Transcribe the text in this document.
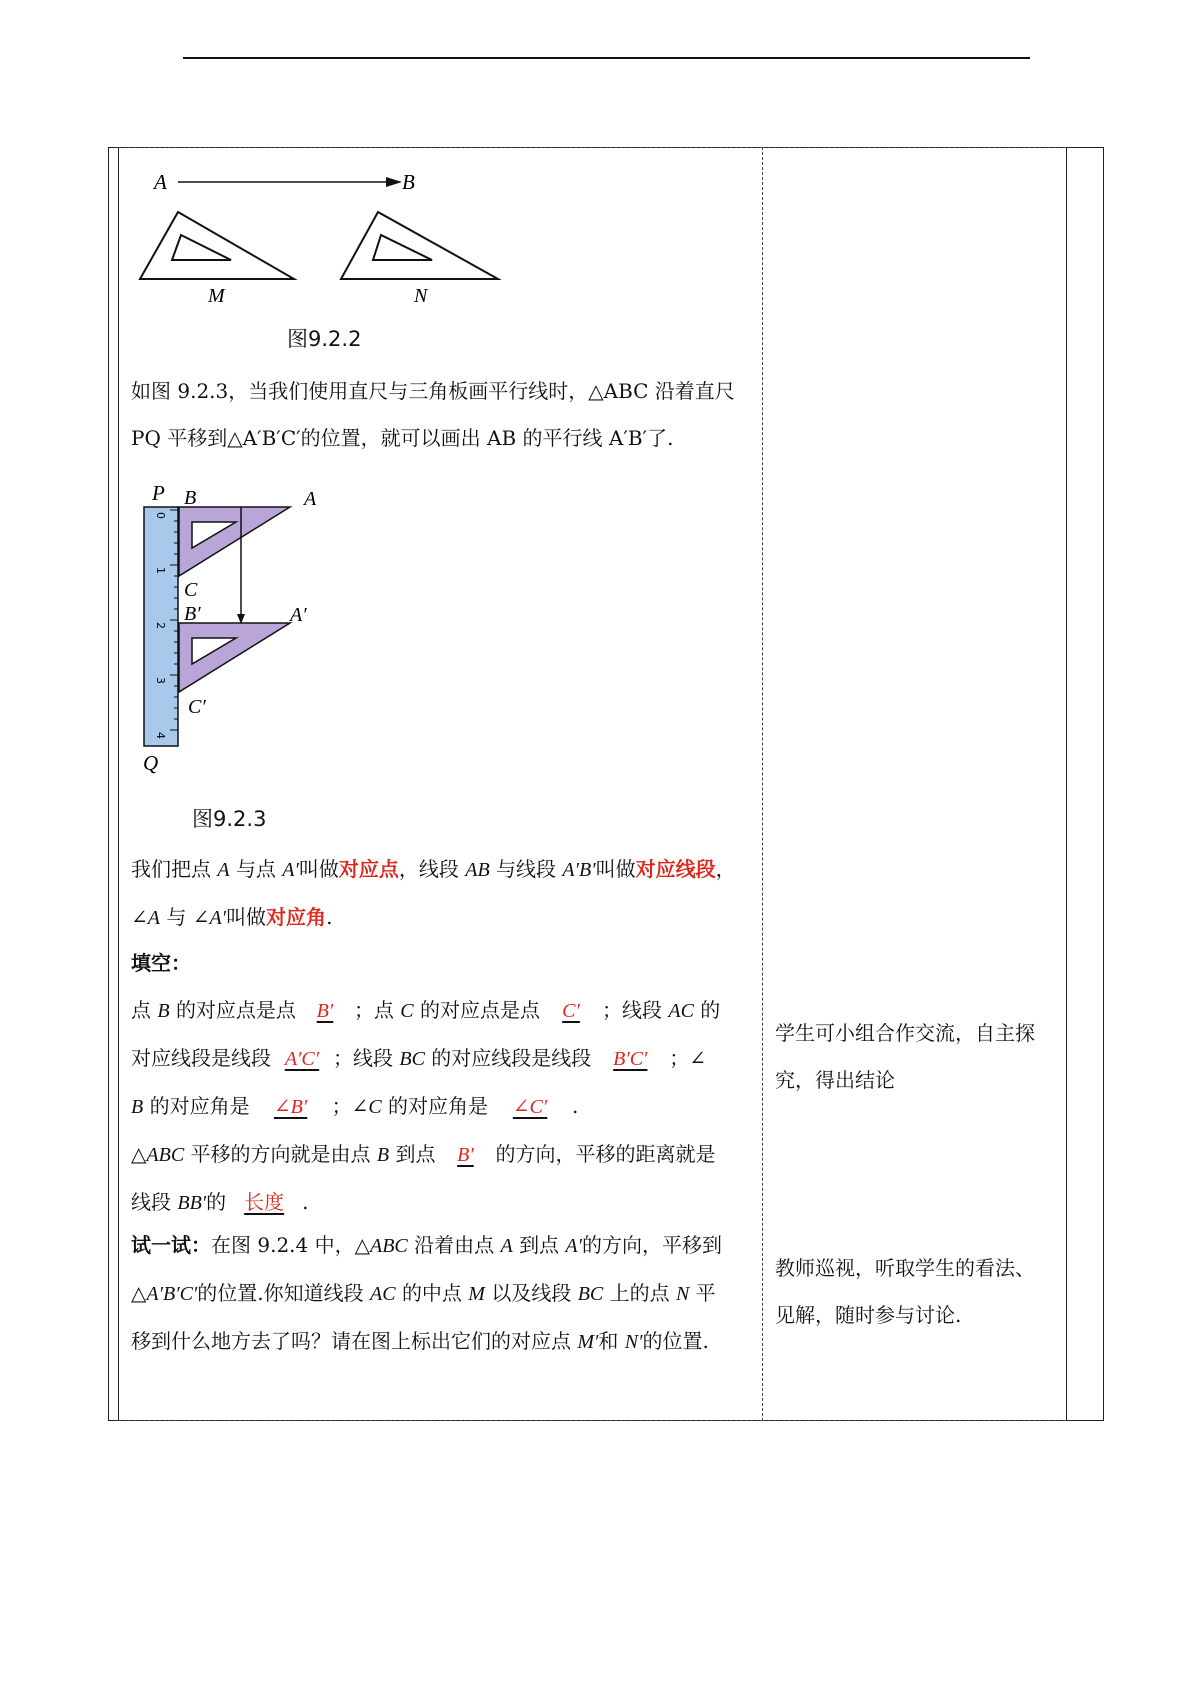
A	B
M	N
图9.2.2
如图 9.2.3，当我们使用直尺与三角板画平行线时，△ABC 沿着直尺
PQ 平移到△A′B′C′的位置，就可以画出 AB 的平行线 A′B′了.
0
1
2
3
4
P
Q
B	A
C
B′	A′
C′
图9.2.3
我们把点 A 与点 A′叫做对应点，线段 AB 与线段 A′B′叫做对应线段，
∠A 与 ∠A′叫做对应角.
填空：
点 B 的对应点是点 B′ ；点 C 的对应点是点 C′ ；线段 AC 的
对应线段是线段 A′C′ ；线段 BC 的对应线段是线段 B′C′ ；∠
B 的对应角是 ∠B′ ；∠C 的对应角是 ∠C′ .
△ABC 平移的方向就是由点 B 到点 B′ 的方向，平移的距离就是
线段 BB′的 长度 .
试一试：在图 9.2.4 中，△ABC 沿着由点 A 到点 A′的方向，平移到
△A′B′C′的位置.你知道线段 AC 的中点 M 以及线段 BC 上的点 N 平
移到什么地方去了吗？请在图上标出它们的对应点 M′和 N′的位置.
学生可小组合作交流，自主探
究，得出结论
教师巡视，听取学生的看法、
见解，随时参与讨论.
